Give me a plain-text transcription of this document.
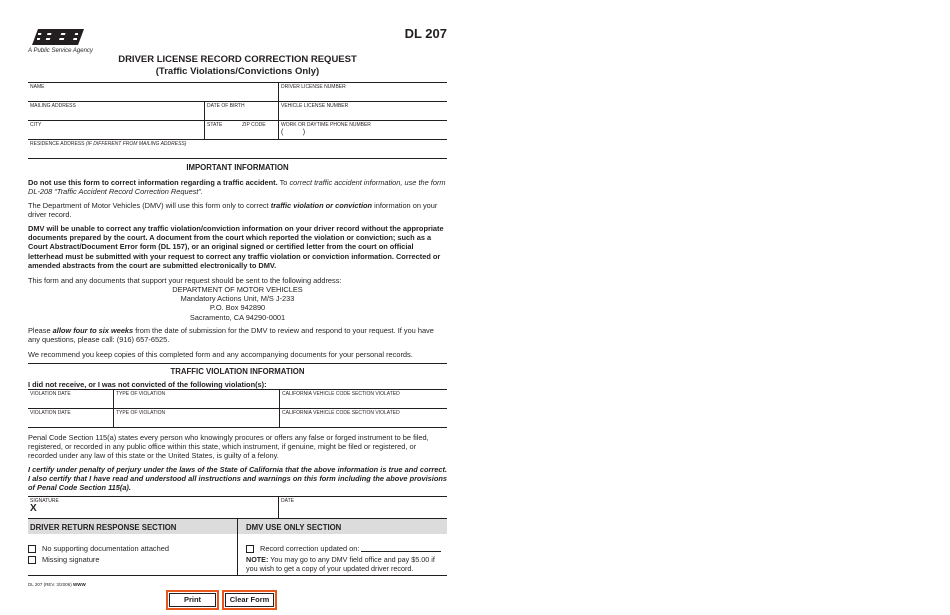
A Public Service Agency
DL 207
DRIVER LICENSE RECORD CORRECTION REQUEST
(Traffic Violations/Convictions Only)
NAME	DRIVER LICENSE NUMBER
MAILING ADDRESS	DATE OF BIRTH	VEHICLE LICENSE NUMBER
CITY	STATE	ZIP CODE	WORK OR DAYTIME PHONE NUMBER
(          )
RESIDENCE ADDRESS (IF DIFFERENT FROM MAILING ADDRESS)
IMPORTANT INFORMATION
Do not use this form to correct information regarding a traffic accident. To correct traffic accident information, use the form DL-208 “Traffic Accident Record Correction Request”.
The Department of Motor Vehicles (DMV) will use this form only to correct traffic violation or conviction information on your driver record.
DMV will be unable to correct any traffic violation/conviction information on your driver record without the appropriate documents prepared by the court. A document from the court which reported the violation or conviction; such as a Court Abstract/Document Error form (DL 157), or an original signed or certified letter from the court on official letterhead must be submitted with your request to correct any traffic violation or conviction information. Corrected or amended abstracts from the court are submitted electronically to DMV.
This form and any documents that support your request should be sent to the following address:
DEPARTMENT OF MOTOR VEHICLES
Mandatory Actions Unit, M/S J-233
P.O. Box 942890
Sacramento, CA 94290-0001
Please allow four to six weeks from the date of submission for the DMV to review and respond to your request. If you have any questions, please call: (916) 657-6525.
We recommend you keep copies of this completed form and any accompanying documents for your personal records.
TRAFFIC VIOLATION INFORMATION
I did not receive, or I was not convicted of the following violation(s):
VIOLATION DATE	TYPE OF VIOLATION	CALIFORNIA VEHICLE CODE SECTION VIOLATED
VIOLATION DATE	TYPE OF VIOLATION	CALIFORNIA VEHICLE CODE SECTION VIOLATED
Penal Code Section 115(a) states every person who knowingly procures or offers any false or forged instrument to be filed, registered, or recorded in any public office within this state, which instrument, if genuine, might be filed or registered, or recorded under any law of this state or the United States, is guilty of a felony.
I certify under penalty of perjury under the laws of the State of California that the above information is true and correct. I also certify that I have read and understood all instructions and warnings on this form including the above provisions of Penal Code Section 115(a).
SIGNATURE
X
DATE
DRIVER RETURN RESPONSE SECTION
No supporting documentation attached
Missing signature
DMV USE ONLY SECTION
Record correction updated on:
NOTE: You may go to any DMV field office and pay $5.00 if you wish to get a copy of your updated driver record.
DL 207 (REV. 3/2006) WWW
Print	Clear Form
